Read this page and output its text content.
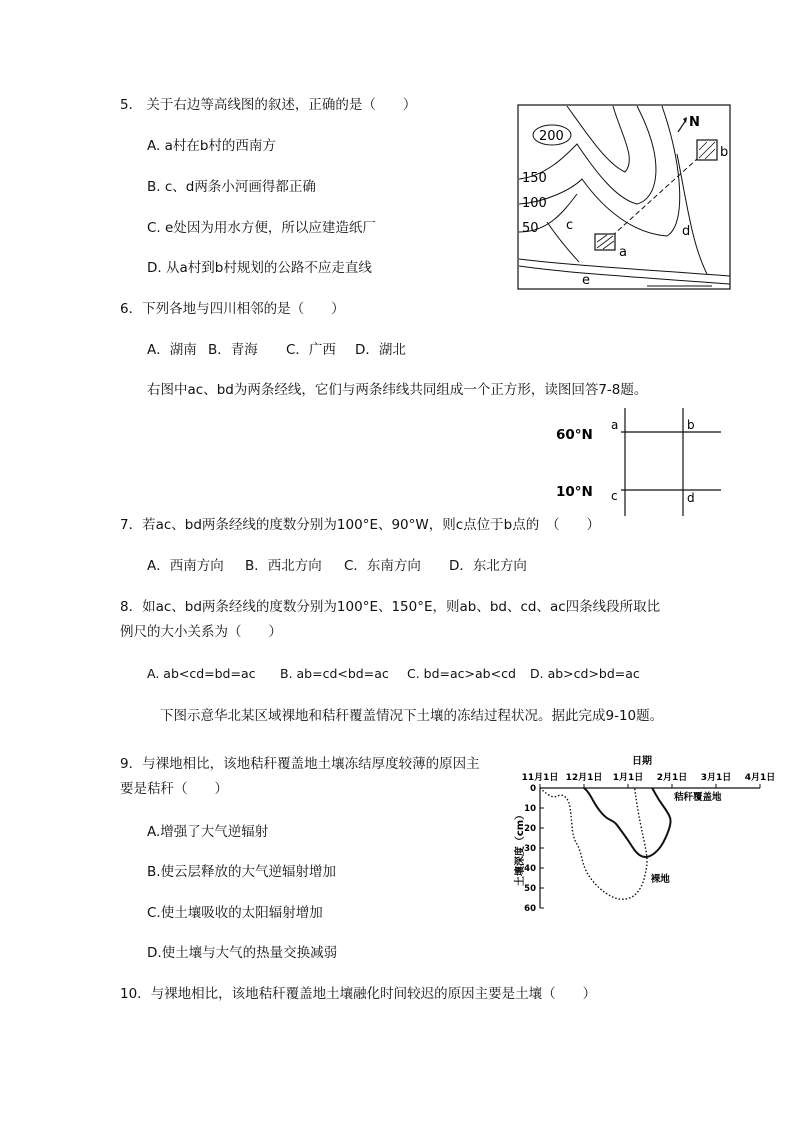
5． 关于右边等高线图的叙述，正确的是（　　）
A. a村在b村的西南方
B. c、d两条小河画得都正确
C. e处因为用水方便，所以应建造纸厂
D. 从a村到b村规划的公路不应走直线
200
N
150
100
50 c	d
a
b
e
6．下列各地与四川相邻的是（　　）
A．湖南 B．青海 C．广西 D．湖北
右图中ac、bd为两条经线，它们与两条纬线共同组成一个正方形，读图回答7-8题。
60°N
10°N
a	b
c	d
7．若ac、bd两条经线的度数分别为100°E、90°W，则c点位于b点的　（　　）
A．西南方向 B．西北方向 C．东南方向 D．东北方向
8．如ac、bd两条经线的度数分别为100°E、150°E，则ab、bd、cd、ac四条线段所取比
例尺的大小关系为（　　）
A. ab<cd=bd=ac B. ab=cd<bd=ac C. bd=ac>ab<cd D. ab>cd>bd=ac
下图示意华北某区域裸地和秸秆覆盖情况下土壤的冻结过程状况。据此完成9-10题。
9．与裸地相比，该地秸秆覆盖地土壤冻结厚度较薄的原因主
要是秸秆（　　）
A.增强了大气逆辐射
B.使云层释放的大气逆辐射增加
C.使土壤吸收的太阳辐射增加
D.使土壤与大气的热量交换减弱
10．与裸地相比，该地秸秆覆盖地土壤融化时间较迟的原因主要是土壤（　　）
日期
土壤深度（cm）
11月1日 12月1日 1月1日 2月1日 3月1日 4月1日
0
10
20
30
40
50
60
秸秆覆盖地
裸地
